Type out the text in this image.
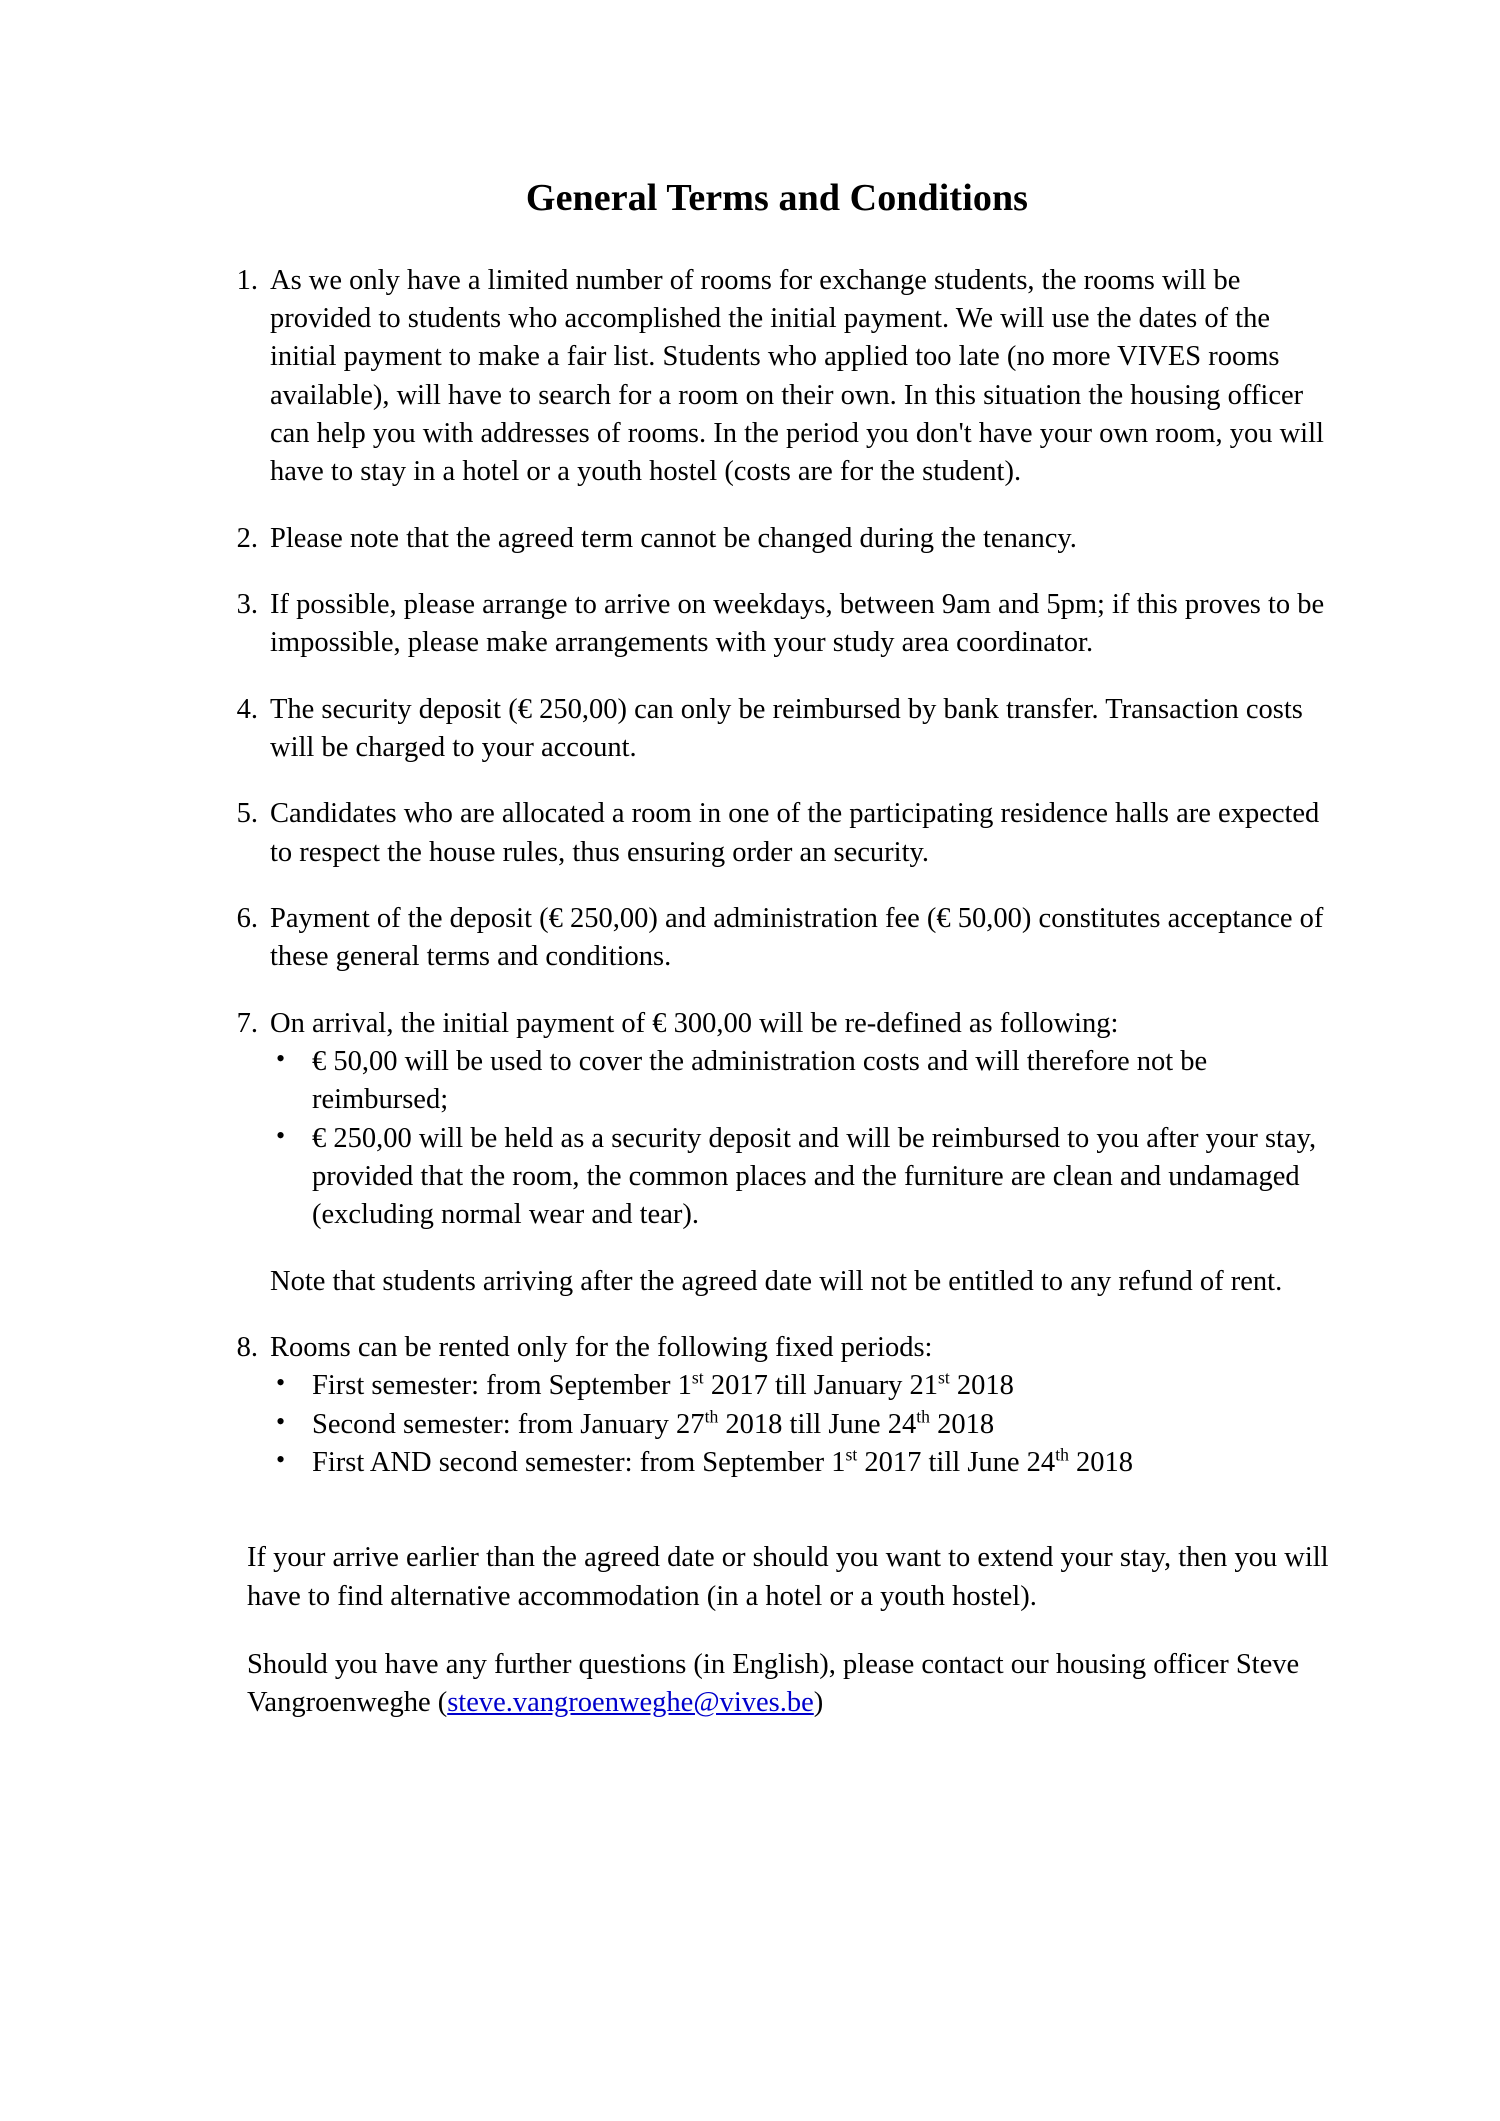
General Terms and Conditions
1. As we only have a limited number of rooms for exchange students, the rooms will be provided to students who accomplished the initial payment. We will use the dates of the initial payment to make a fair list. Students who applied too late (no more VIVES rooms available), will have to search for a room on their own. In this situation the housing officer can help you with addresses of rooms. In the period you don't have your own room, you will have to stay in a hotel or a youth hostel (costs are for the student).
2. Please note that the agreed term cannot be changed during the tenancy.
3. If possible, please arrange to arrive on weekdays, between 9am and 5pm; if this proves to be impossible, please make arrangements with your study area coordinator.
4. The security deposit (€ 250,00) can only be reimbursed by bank transfer. Transaction costs will be charged to your account.
5. Candidates who are allocated a room in one of the participating residence halls are expected to respect the house rules, thus ensuring order an security.
6. Payment of the deposit (€ 250,00) and administration fee (€ 50,00) constitutes acceptance of these general terms and conditions.
7. On arrival, the initial payment of € 300,00 will be re-defined as following:
• € 50,00 will be used to cover the administration costs and will therefore not be reimbursed;
• € 250,00 will be held as a security deposit and will be reimbursed to you after your stay, provided that the room, the common places and the furniture are clean and undamaged (excluding normal wear and tear).

Note that students arriving after the agreed date will not be entitled to any refund of rent.

8. Rooms can be rented only for the following fixed periods:
• First semester: from September 1st 2017 till January 21st 2018
• Second semester: from January 27th 2018 till June 24th 2018
• First AND second semester: from September 1st 2017 till June 24th 2018

If your arrive earlier than the agreed date or should you want to extend your stay, then you will have to find alternative accommodation (in a hotel or a youth hostel).

Should you have any further questions (in English), please contact our housing officer Steve Vangroenweghe (steve.vangroenweghe@vives.be)
